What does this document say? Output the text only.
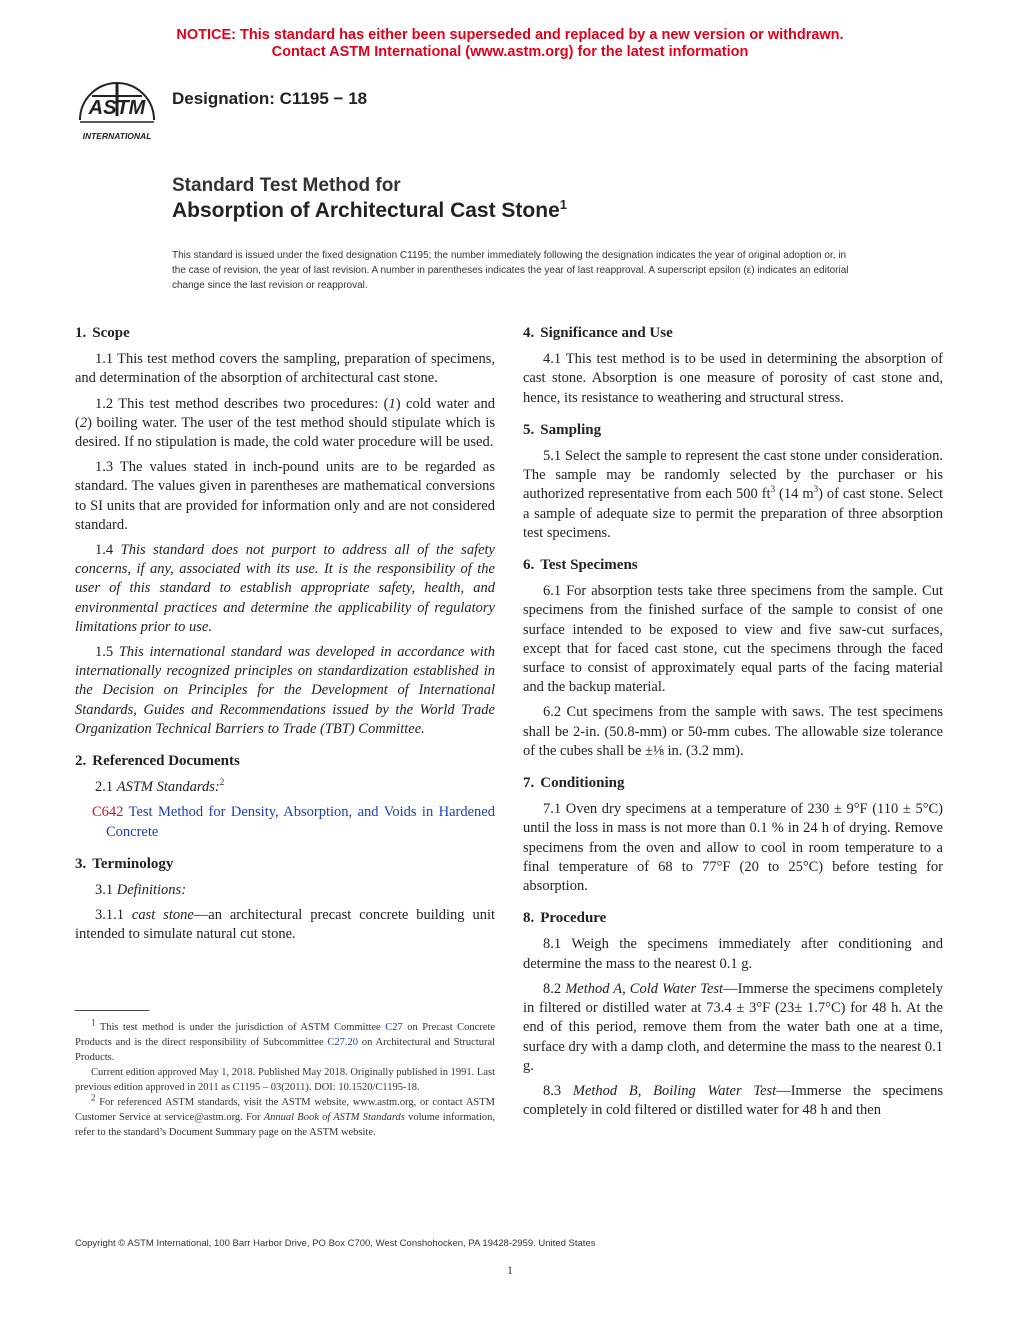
NOTICE: This standard has either been superseded and replaced by a new version or withdrawn.
Contact ASTM International (www.astm.org) for the latest information
ASTM
INTERNATIONAL
Designation: C1195 − 18
Standard Test Method for
Absorption of Architectural Cast Stone$^1$
This standard is issued under the fixed designation C1195; the number immediately following the designation indicates the year of original adoption or, in the case of revision, the year of last revision. A number in parentheses indicates the year of last reapproval. A superscript epsilon (ε) indicates an editorial change since the last revision or reapproval.
1. Scope

1.1 This test method covers the sampling, preparation of specimens, and determination of the absorption of architectural cast stone.

1.2 This test method describes two procedures: (1) cold water and (2) boiling water. The user of the test method should stipulate which is desired. If no stipulation is made, the cold water procedure will be used.

1.3 The values stated in inch-pound units are to be regarded as standard. The values given in parentheses are mathematical conversions to SI units that are provided for information only and are not considered standard.

1.4 This standard does not purport to address all of the safety concerns, if any, associated with its use. It is the responsibility of the user of this standard to establish appropriate safety, health, and environmental practices and determine the applicability of regulatory limitations prior to use.

1.5 This international standard was developed in accordance with internationally recognized principles on standardization established in the Decision on Principles for the Development of International Standards, Guides and Recommendations issued by the World Trade Organization Technical Barriers to Trade (TBT) Committee.

2. Referenced Documents

2.1 ASTM Standards:$^2$

C642 Test Method for Density, Absorption, and Voids in Hardened Concrete
3. Terminology

3.1 Definitions:

3.1.1 cast stone—an architectural precast concrete building unit intended to simulate natural cut stone.

$^1$ This test method is under the jurisdiction of ASTM Committee C27 on Precast Concrete Products and is the direct responsibility of Subcommittee C27.20 on Architectural and Structural Products.

Current edition approved May 1, 2018. Published May 2018. Originally published in 1991. Last previous edition approved in 2011 as C1195 – 03(2011). DOI: 10.1520/C1195-18.

$^2$ For referenced ASTM standards, visit the ASTM website, www.astm.org, or contact ASTM Customer Service at service@astm.org. For Annual Book of ASTM Standards volume information, refer to the standard’s Document Summary page on the ASTM website.

4. Significance and Use

4.1 This test method is to be used in determining the absorption of cast stone. Absorption is one measure of porosity of cast stone and, hence, its resistance to weathering and structural stress.

5. Sampling

5.1 Select the sample to represent the cast stone under consideration. The sample may be randomly selected by the purchaser or his authorized representative from each 500 $ft^3$ (14 $m^3$) of cast stone. Select a sample of adequate size to permit the preparation of three absorption test specimens.

6. Test Specimens

6.1 For absorption tests take three specimens from the sample. Cut specimens from the finished surface of the sample to consist of one surface intended to be exposed to view and five saw-cut surfaces, except that for faced cast stone, cut the specimens through the faced surface to consist of approximately equal parts of the facing material and the backup material.

6.2 Cut specimens from the sample with saws. The test specimens shall be 2-in. (50.8-mm) or 50-mm cubes. The allowable size tolerance of the cubes shall be ±⅛ in. (3.2 mm).

7. Conditioning

7.1 Oven dry specimens at a temperature of 230 ± 9°F (110 ± 5°C) until the loss in mass is not more than 0.1 % in 24 h of drying. Remove specimens from the oven and allow to cool in room temperature to a final temperature of 68 to 77°F (20 to 25°C) before testing for absorption.

8. Procedure

8.1 Weigh the specimens immediately after conditioning and determine the mass to the nearest 0.1 g.

8.2 Method A, Cold Water Test—Immerse the specimens completely in filtered or distilled water at 73.4 ± 3°F (23± 1.7°C) for 48 h. At the end of this period, remove them from the water bath one at a time, surface dry with a damp cloth, and determine the mass to the nearest 0.1 g.

8.3 Method B, Boiling Water Test—Immerse the specimens completely in cold filtered or distilled water for 48 h and then

Copyright © ASTM International, 100 Barr Harbor Drive, PO Box C700, West Conshohocken, PA 19428-2959. United States
1
